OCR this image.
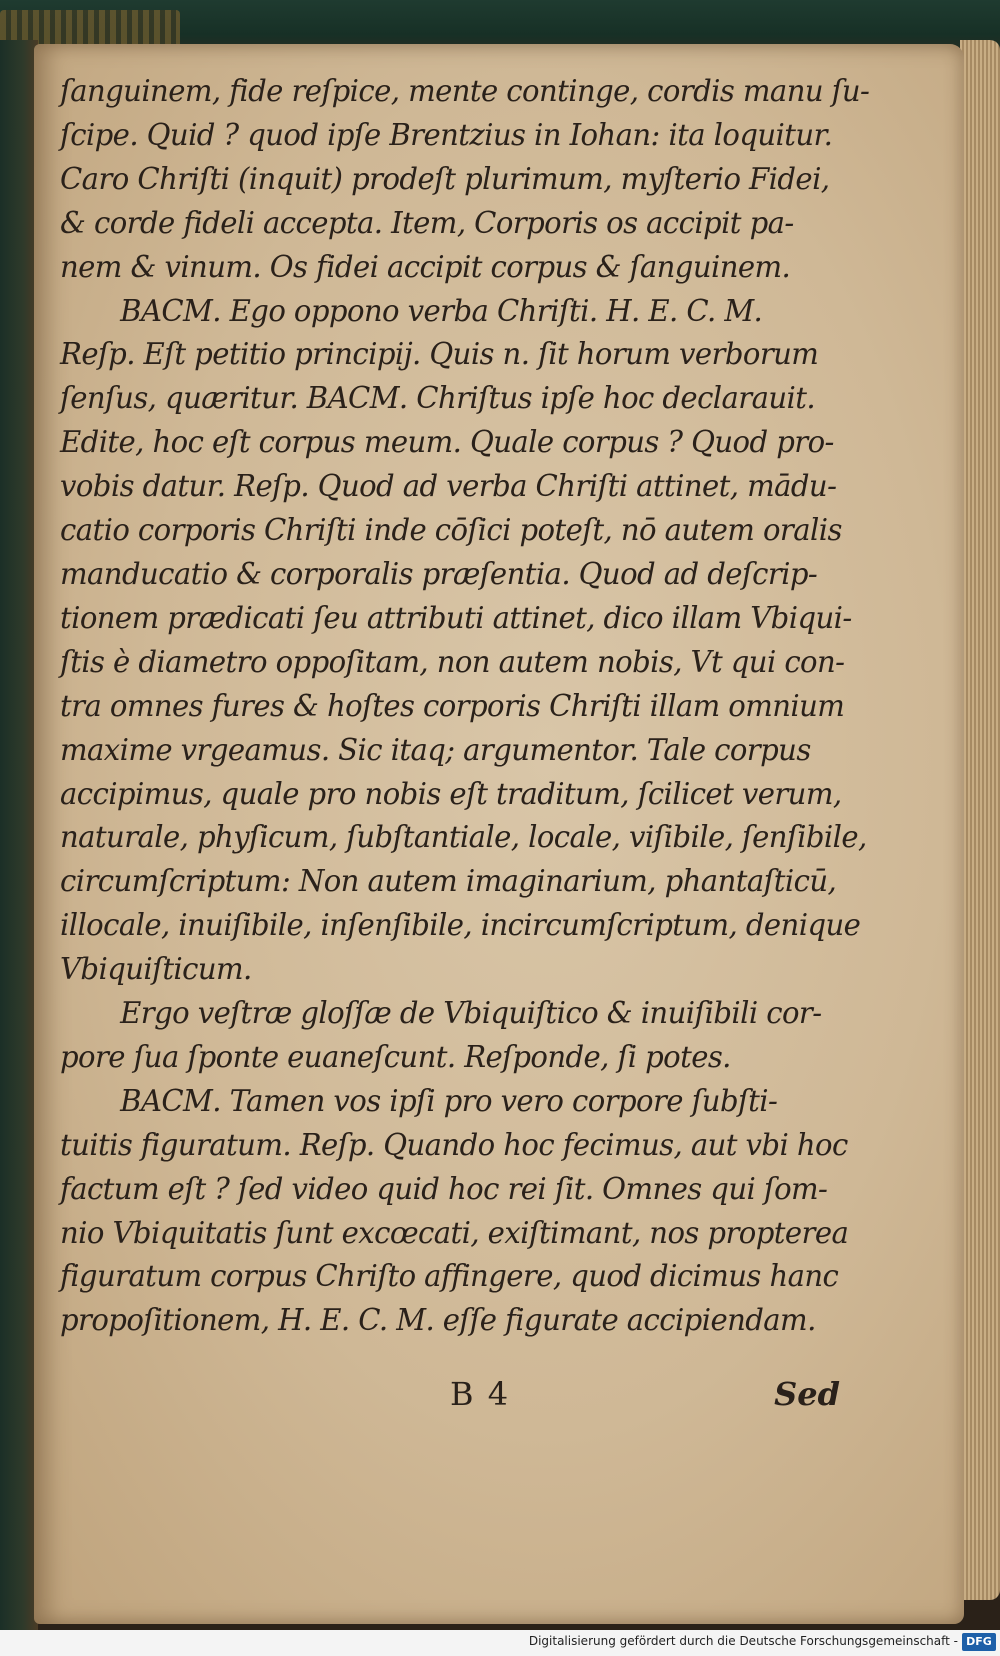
ſanguinem, fide reſpice, mente continge, cordis manu ſu-
ſcipe. Quid ? quod ipſe Brentzius in Iohan: ita loquitur.
Caro Chriſti (inquit) prodeſt plurimum, myſterio Fidei,
& corde fideli accepta. Item, Corporis os accipit pa-
nem & vinum. Os fidei accipit corpus & ſanguinem.
BACM. Ego oppono verba Chriſti. H. E. C. M.
Reſp. Eſt petitio principij. Quis n. ſit horum verborum
ſenſus, quæritur. BACM. Chriſtus ipſe hoc declarauit.
Edite, hoc eſt corpus meum. Quale corpus ? Quod pro-
vobis datur. Reſp. Quod ad verba Chriſti attinet, mādu-
catio corporis Chriſti inde cōſici poteſt, nō autem oralis
manducatio & corporalis præſentia. Quod ad deſcrip-
tionem prædicati ſeu attributi attinet, dico illam Vbiqui-
ſtis è diametro oppoſitam, non autem nobis, Vt qui con-
tra omnes fures & hoſtes corporis Chriſti illam omnium
maxime vrgeamus. Sic itaq; argumentor. Tale corpus
accipimus, quale pro nobis eſt traditum, ſcilicet verum,
naturale, phyſicum, ſubſtantiale, locale, viſibile, ſenſibile,
circumſcriptum: Non autem imaginarium, phantaſticū,
illocale, inuiſibile, inſenſibile, incircumſcriptum, denique
Vbiquiſticum.
Ergo veſtræ gloſſæ de Vbiquiſtico & inuiſibili cor-
pore ſua ſponte euaneſcunt. Reſponde, ſi potes.
BACM. Tamen vos ipſi pro vero corpore ſubſti-
tuitis figuratum. Reſp. Quando hoc fecimus, aut vbi hoc
factum eſt ? ſed video quid hoc rei ſit. Omnes qui ſom-
nio Vbiquitatis ſunt excœcati, exiſtimant, nos propterea
figuratum corpus Chriſto affingere, quod dicimus hanc
propoſitionem, H. E. C. M. eſſe figurate accipiendam.
B 4	Sed
Digitalisierung gefördert durch die Deutsche Forschungsgemeinschaft - DFG
